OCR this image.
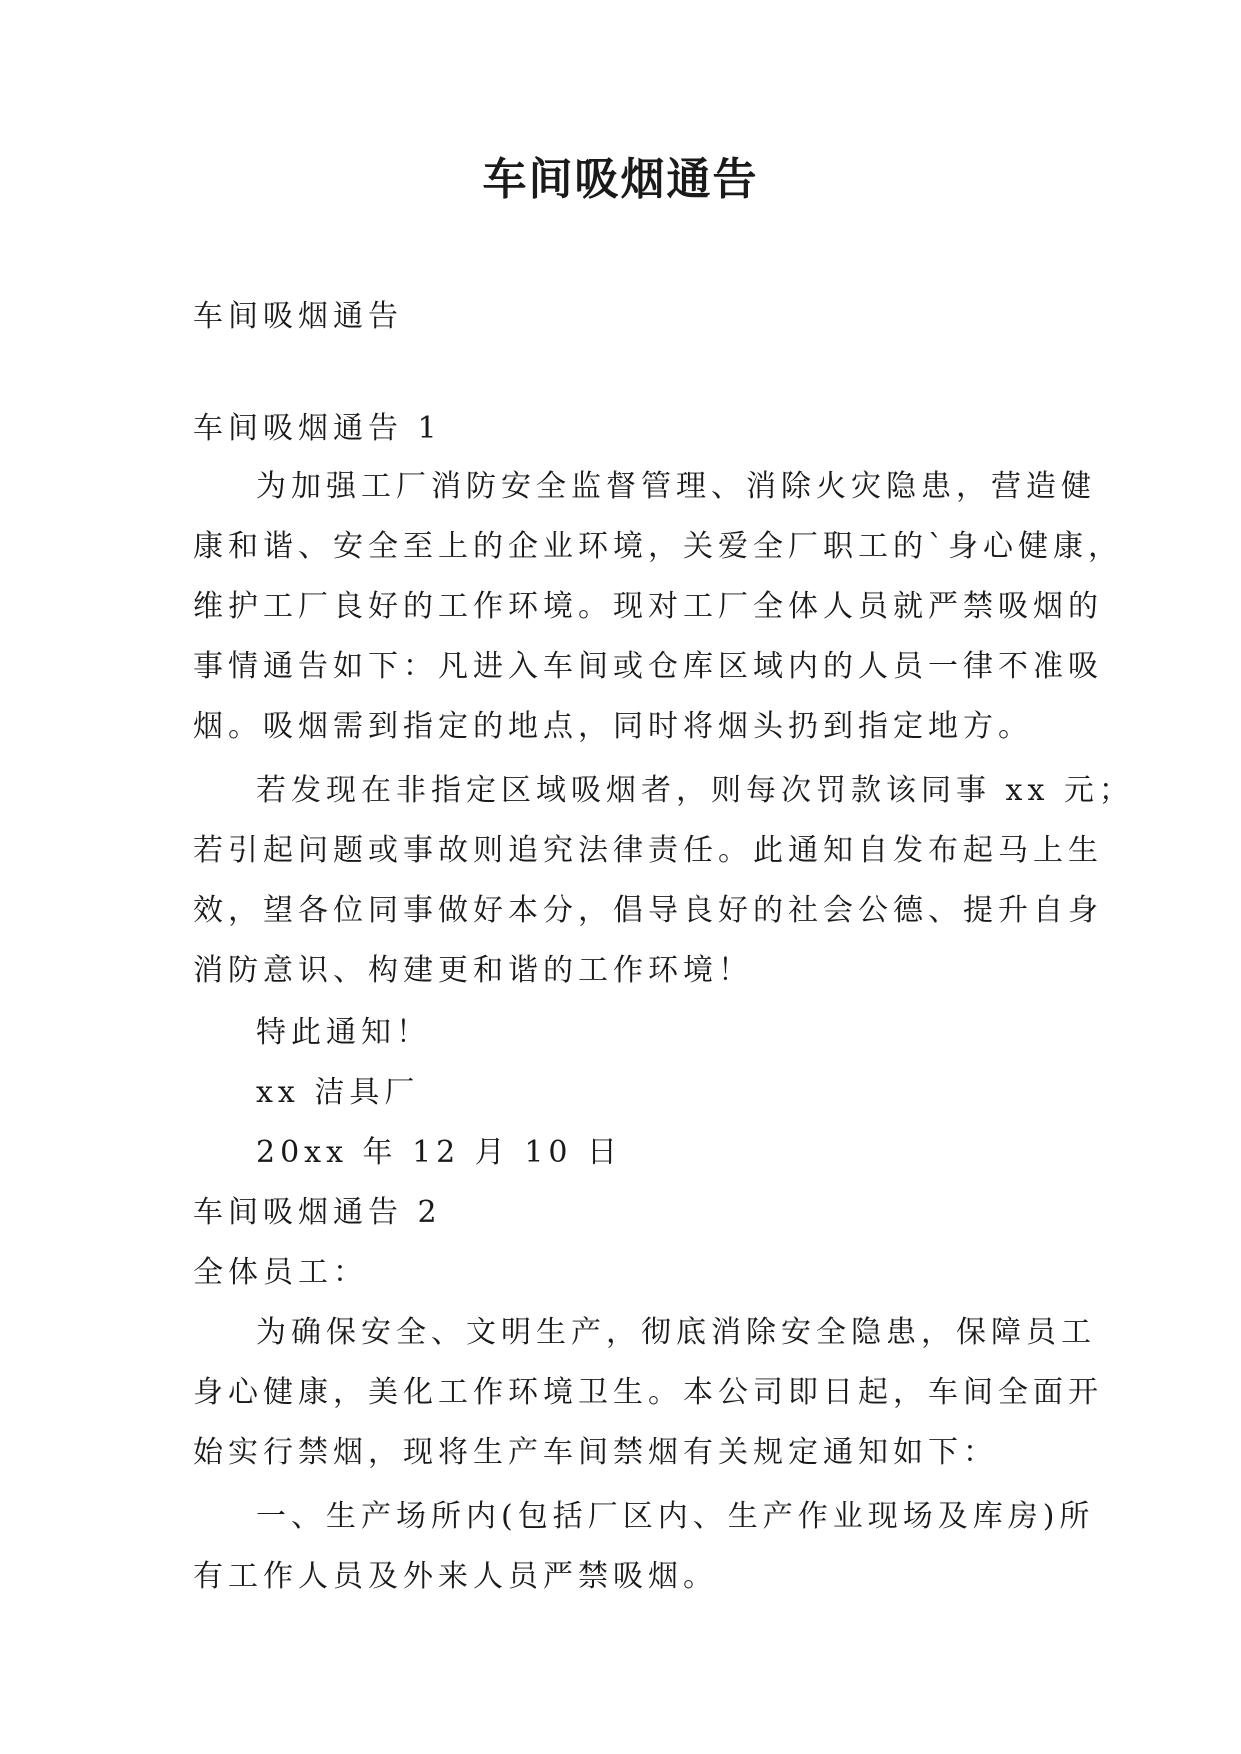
车间吸烟通告
车间吸烟通告
车间吸烟通告 1
为加强工厂消防安全监督管理、消除火灾隐患，营造健
康和谐、安全至上的企业环境，关爱全厂职工的`身心健康，
维护工厂良好的工作环境。现对工厂全体人员就严禁吸烟的
事情通告如下：凡进入车间或仓库区域内的人员一律不准吸
烟。吸烟需到指定的地点，同时将烟头扔到指定地方。
若发现在非指定区域吸烟者，则每次罚款该同事 xx 元；
若引起问题或事故则追究法律责任。此通知自发布起马上生
效，望各位同事做好本分，倡导良好的社会公德、提升自身
消防意识、构建更和谐的工作环境！
特此通知！
xx 洁具厂
20xx 年 12 月 10 日
车间吸烟通告 2
全体员工：
为确保安全、文明生产，彻底消除安全隐患，保障员工
身心健康，美化工作环境卫生。本公司即日起，车间全面开
始实行禁烟，现将生产车间禁烟有关规定通知如下：
一、生产场所内(包括厂区内、生产作业现场及库房)所
有工作人员及外来人员严禁吸烟。
